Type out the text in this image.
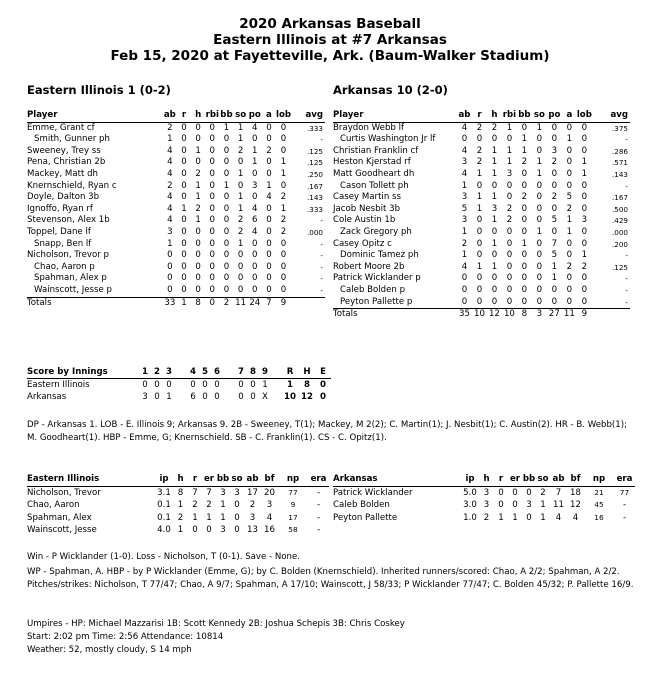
2020 Arkansas Baseball
Eastern Illinois at #7 Arkansas
Feb 15, 2020 at Fayetteville, Ark. (Baum-Walker Stadium)
Eastern Illinois 1 (0-2)	Arkansas 10 (2-0)
Player	ab	r	h	rbi	bb	so	po	a	lob	avg
Emme, Grant cf	2	0	0	0	1	1	4	0	0	.333
Smith, Gunner ph	1	0	0	0	0	1	0	0	0	-
Sweeney, Trey ss	4	0	1	0	0	2	1	2	0	.125
Pena, Christian 2b	4	0	0	0	0	0	1	0	1	.125
Mackey, Matt dh	4	0	2	0	0	1	0	0	1	.250
Knernschield, Ryan c	2	0	1	0	1	0	3	1	0	.167
Doyle, Dalton 3b	4	0	1	0	0	1	0	4	2	.143
Ignoffo, Ryan rf	4	1	2	0	0	1	4	0	1	.333
Stevenson, Alex 1b	4	0	1	0	0	2	6	0	2	-
Toppel, Dane lf	3	0	0	0	0	2	4	0	2	.000
Snapp, Ben lf	1	0	0	0	0	1	0	0	0	-
Nicholson, Trevor p	0	0	0	0	0	0	0	0	0	-
Chao, Aaron p	0	0	0	0	0	0	0	0	0	-
Spahman, Alex p	0	0	0	0	0	0	0	0	0	-
Wainscott, Jesse p	0	0	0	0	0	0	0	0	0	-
Totals	33	1	8	0	2	11	24	7	9	
Player	ab	r	h	rbi	bb	so	po	a	lob	avg
Braydon Webb lf	4	2	2	1	0	1	0	0	0	.375
Curtis Washington Jr lf	0	0	0	0	1	0	0	1	0	-
Christian Franklin cf	4	2	1	1	1	0	3	0	0	.286
Heston Kjerstad rf	3	2	1	1	2	1	2	0	1	.571
Matt Goodheart dh	4	1	1	3	0	1	0	0	1	.143
Cason Tollett ph	1	0	0	0	0	0	0	0	0	-
Casey Martin ss	3	1	1	0	2	0	2	5	0	.167
Jacob Nesbit 3b	5	1	3	2	0	0	0	2	0	.500
Cole Austin 1b	3	0	1	2	0	0	5	1	3	.429
Zack Gregory ph	1	0	0	0	0	1	0	1	0	.000
Casey Opitz c	2	0	1	0	1	0	7	0	0	.200
Dominic Tamez ph	1	0	0	0	0	0	5	0	1	-
Robert Moore 2b	4	1	1	0	0	0	1	2	2	.125
Patrick Wicklander p	0	0	0	0	0	0	1	0	0	-
Caleb Bolden p	0	0	0	0	0	0	0	0	0	-
Peyton Pallette p	0	0	0	0	0	0	0	0	0	-
Totals	35	10	12	10	8	3	27	11	9	
Score by Innings	1	2	3		4	5	6		7	8	9		R	H	E
Eastern Illinois	0	0	0		0	0	0		0	0	1		1	8	0
Arkansas	3	0	1		6	0	0		0	0	X		10	12	0
DP - Arkansas 1. LOB - E. Illinois 9; Arkansas 9. 2B - Sweeney, T(1); Mackey, M 2(2); C. Martin(1); J. Nesbit(1); C. Austin(2). HR - B. Webb(1); M. Goodheart(1). HBP - Emme, G; Knernschield. SB - C. Franklin(1). CS - C. Opitz(1).
Eastern Illinois	ip	h	r	er	bb	so	ab	bf	np	era
Nicholson, Trevor	3.1	8	7	7	3	3	17	20	77	-
Chao, Aaron	0.1	1	2	2	1	0	2	3	9	-
Spahman, Alex	0.1	2	1	1	1	0	3	4	17	-
Wainscott, Jesse	4.0	1	0	0	3	0	13	16	58	-
Arkansas	ip	h	r	er	bb	so	ab	bf	np	era
Patrick Wicklander	5.0	3	0	0	0	2	7	18	21	77
Caleb Bolden	3.0	3	0	0	3	1	11	12	45	-
Peyton Pallette	1.0	2	1	1	0	1	4	4	16	-
Win - P Wicklander (1-0). Loss - Nicholson, T (0-1). Save - None.
WP - Spahman, A. HBP - by P Wicklander (Emme, G); by C. Bolden (Knernschield). Inherited runners/scored: Chao, A 2/2; Spahman, A 2/2. Pitches/strikes: Nicholson, T 77/47; Chao, A 9/7; Spahman, A 17/10; Wainscott, J 58/33; P Wicklander 77/47; C. Bolden 45/32; P. Pallette 16/9.
Umpires - HP: Michael Mazzarisi 1B: Scott Kennedy 2B: Joshua Schepis 3B: Chris Coskey
Start: 2:02 pm Time: 2:56 Attendance: 10814
Weather: 52, mostly cloudy, S 14 mph
